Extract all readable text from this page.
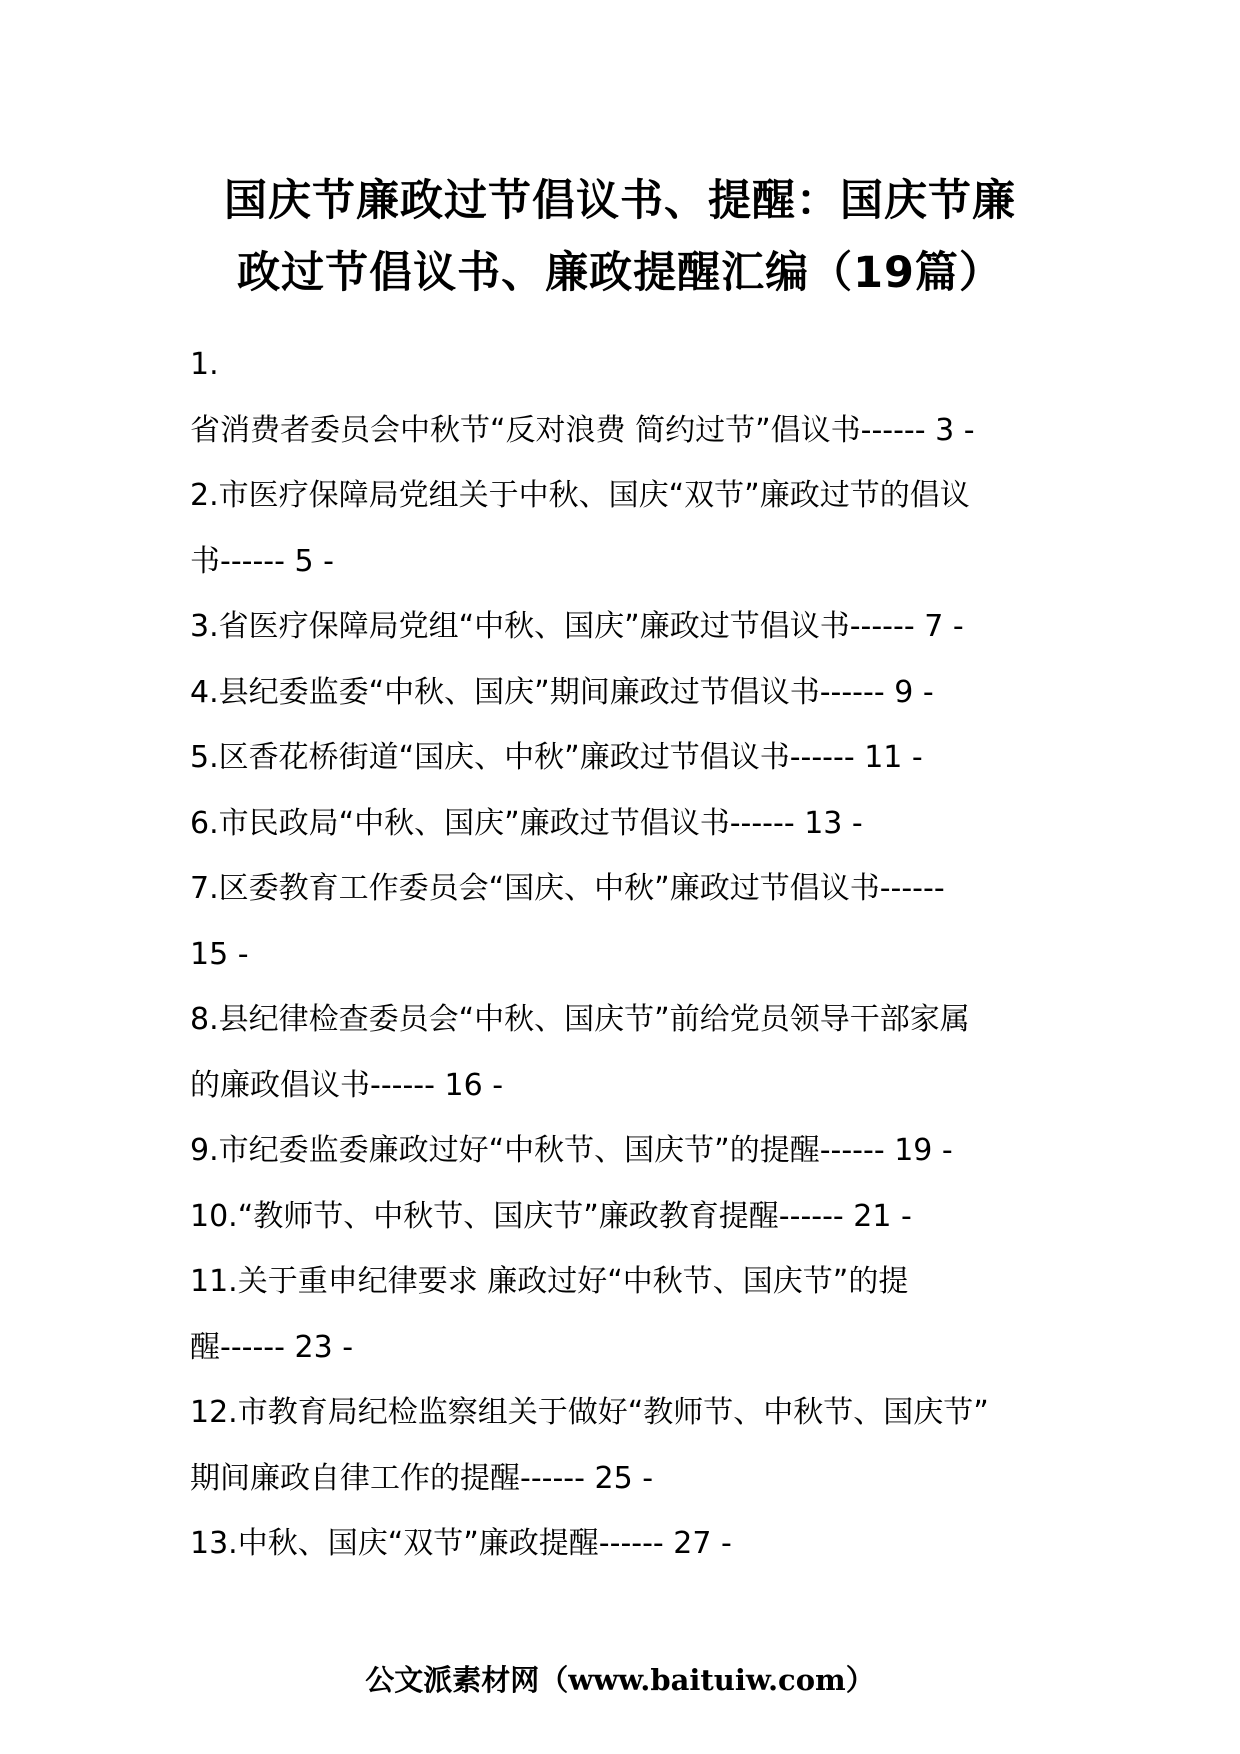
国庆节廉政过节倡议书、提醒：国庆节廉
政过节倡议书、廉政提醒汇编（19篇）
1.
省消费者委员会中秋节“反对浪费 简约过节”倡议书------ 3 -
2.市医疗保障局党组关于中秋、国庆“双节”廉政过节的倡议
书------ 5 -
3.省医疗保障局党组“中秋、国庆”廉政过节倡议书------ 7 -
4.县纪委监委“中秋、国庆”期间廉政过节倡议书------ 9 -
5.区香花桥街道“国庆、中秋”廉政过节倡议书------ 11 -
6.市民政局“中秋、国庆”廉政过节倡议书------ 13 -
7.区委教育工作委员会“国庆、中秋”廉政过节倡议书------
15 -
8.县纪律检查委员会“中秋、国庆节”前给党员领导干部家属
的廉政倡议书------ 16 -
9.市纪委监委廉政过好“中秋节、国庆节”的提醒------ 19 -
10.“教师节、中秋节、国庆节”廉政教育提醒------ 21 -
11.关于重申纪律要求 廉政过好“中秋节、国庆节”的提
醒------ 23 -
12.市教育局纪检监察组关于做好“教师节、中秋节、国庆节”
期间廉政自律工作的提醒------ 25 -
13.中秋、国庆“双节”廉政提醒------ 27 -
公文派素材网（www.baituiw.com）
